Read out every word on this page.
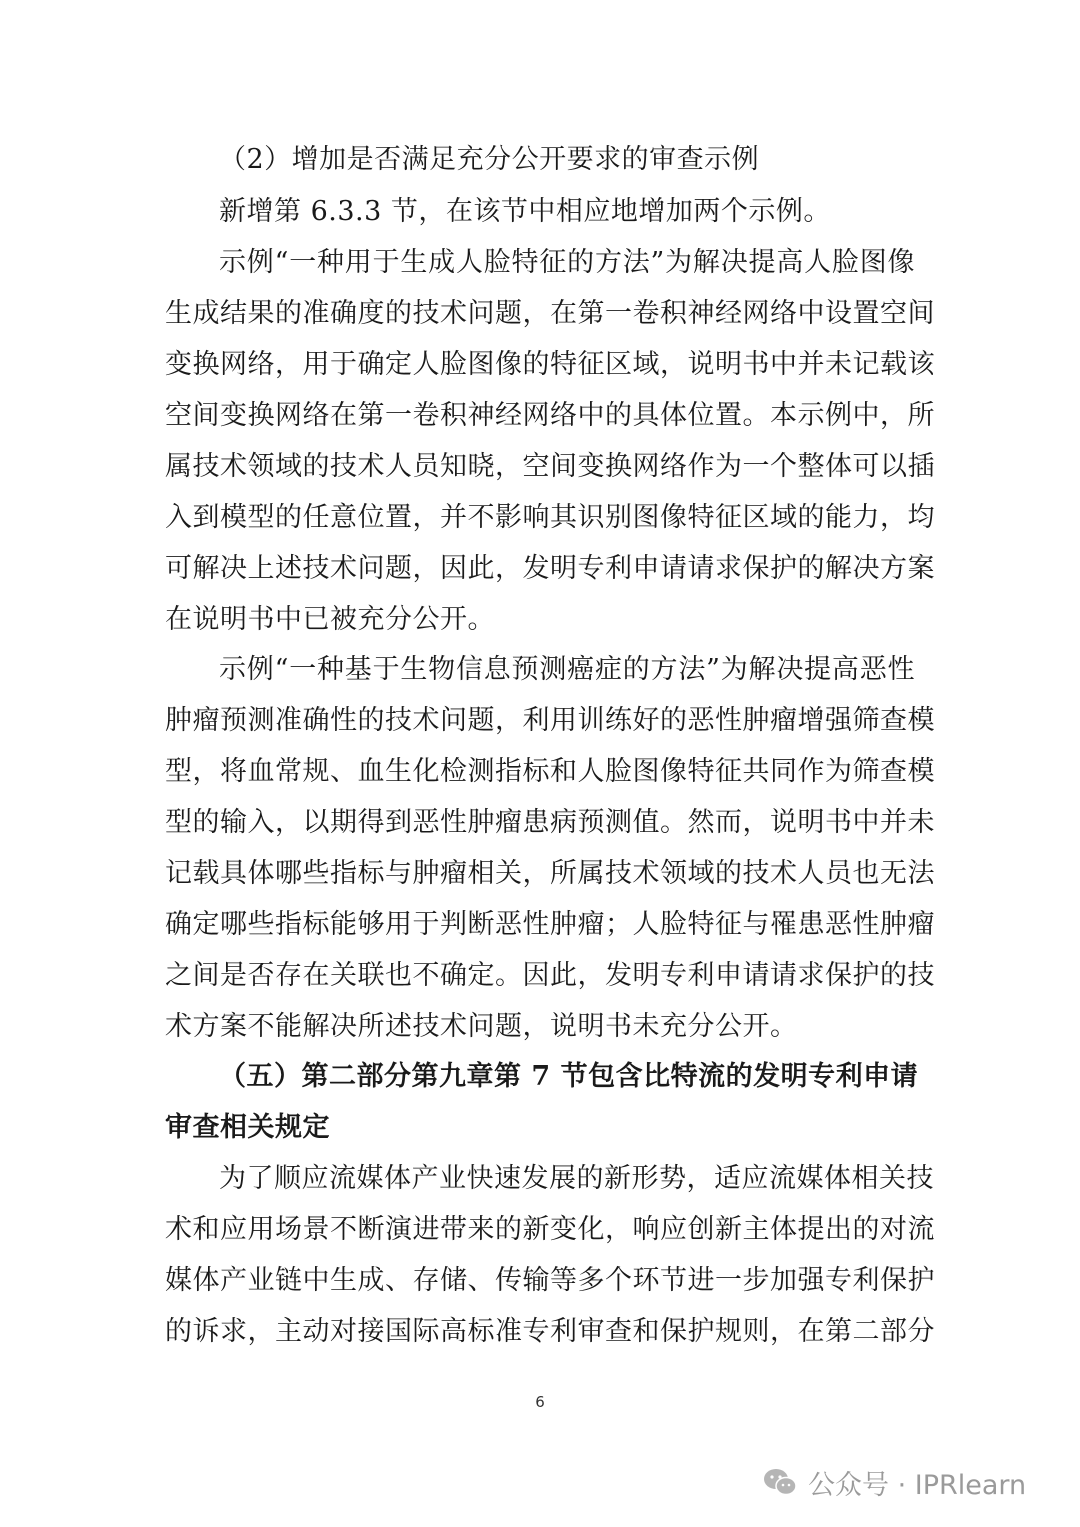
（2）增加是否满足充分公开要求的审查示例
新增第 6.3.3 节，在该节中相应地增加两个示例。
示例“一种用于生成人脸特征的方法”为解决提高人脸图像
生成结果的准确度的技术问题，在第一卷积神经网络中设置空间
变换网络，用于确定人脸图像的特征区域，说明书中并未记载该
空间变换网络在第一卷积神经网络中的具体位置。本示例中，所
属技术领域的技术人员知晓，空间变换网络作为一个整体可以插
入到模型的任意位置，并不影响其识别图像特征区域的能力，均
可解决上述技术问题，因此，发明专利申请请求保护的解决方案
在说明书中已被充分公开。
示例“一种基于生物信息预测癌症的方法”为解决提高恶性
肿瘤预测准确性的技术问题，利用训练好的恶性肿瘤增强筛查模
型，将血常规、血生化检测指标和人脸图像特征共同作为筛查模
型的输入，以期得到恶性肿瘤患病预测值。然而，说明书中并未
记载具体哪些指标与肿瘤相关，所属技术领域的技术人员也无法
确定哪些指标能够用于判断恶性肿瘤；人脸特征与罹患恶性肿瘤
之间是否存在关联也不确定。因此，发明专利申请请求保护的技
术方案不能解决所述技术问题，说明书未充分公开。
（五）第二部分第九章第 7 节包含比特流的发明专利申请
审查相关规定
为了顺应流媒体产业快速发展的新形势，适应流媒体相关技
术和应用场景不断演进带来的新变化，响应创新主体提出的对流
媒体产业链中生成、存储、传输等多个环节进一步加强专利保护
的诉求，主动对接国际高标准专利审查和保护规则，在第二部分
6
公众号 · IPRlearn
